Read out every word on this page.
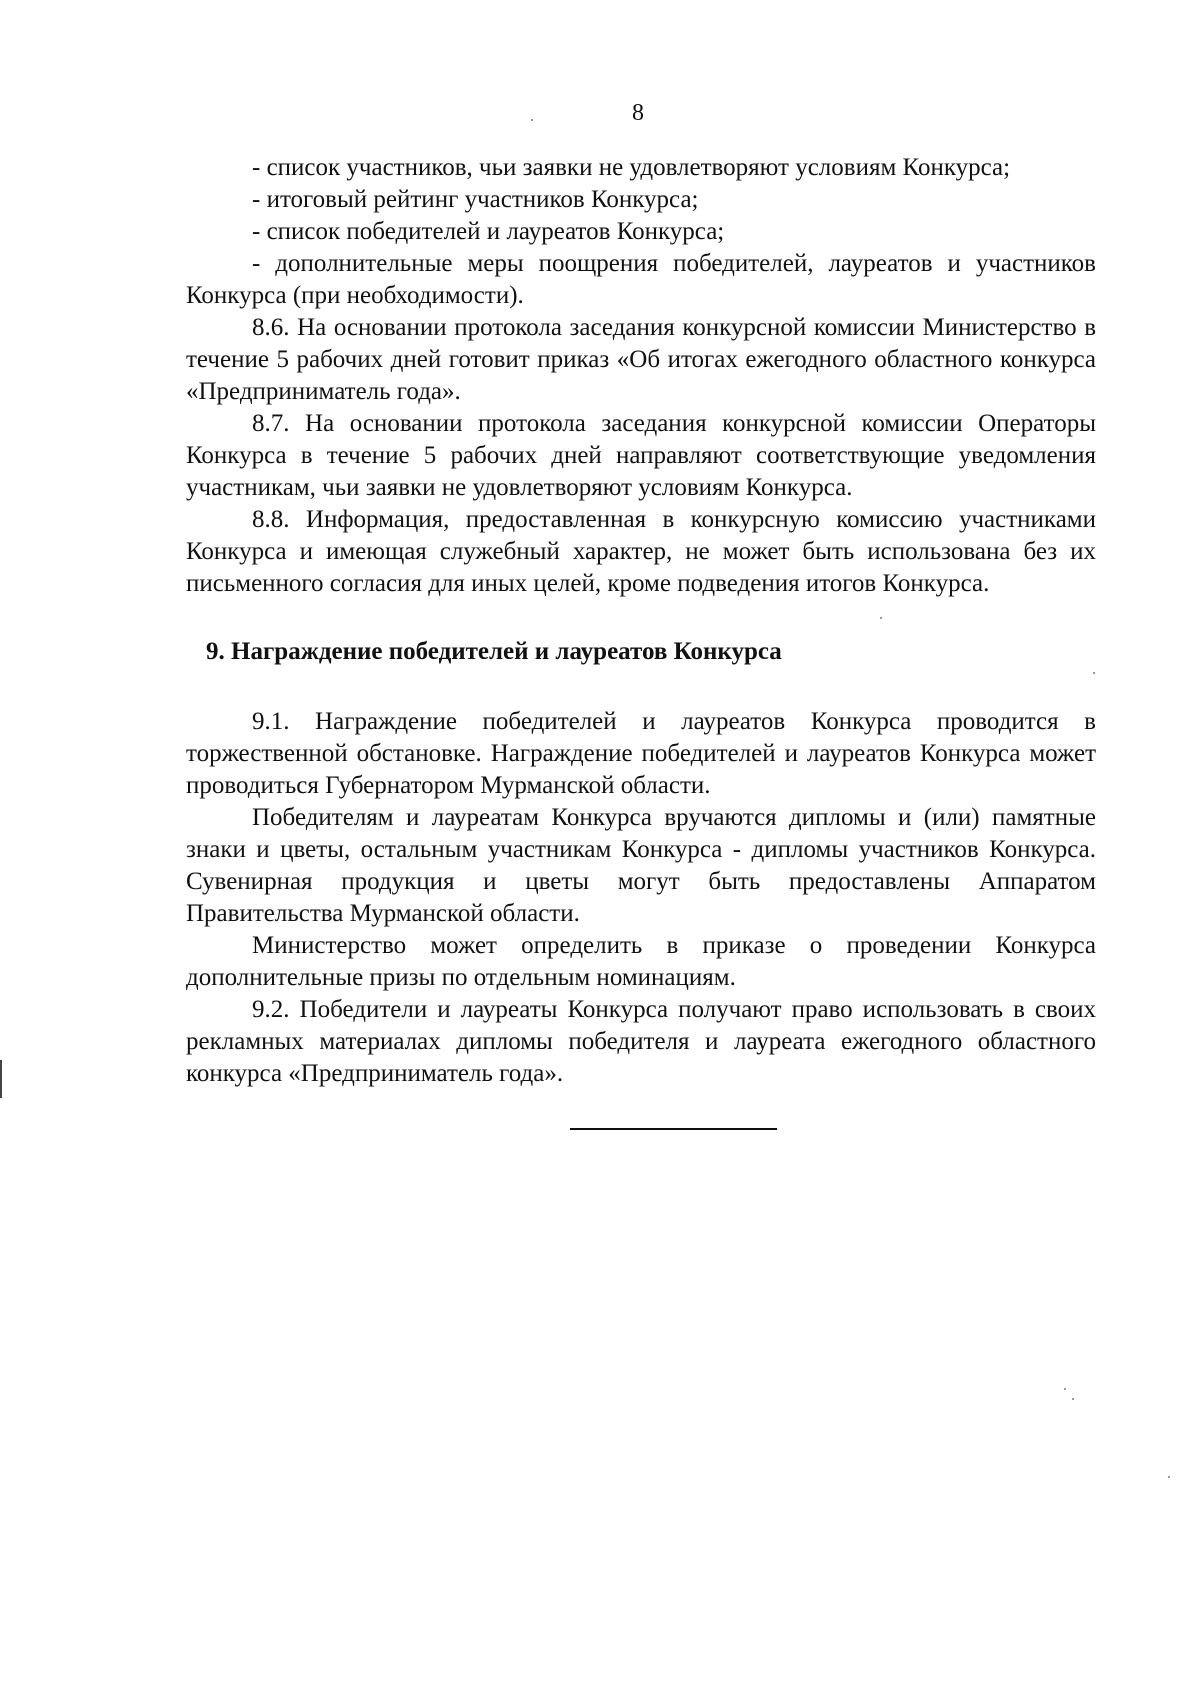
8

- список участников, чьи заявки не удовлетворяют условиям Конкурса;

- итоговый рейтинг участников Конкурса;

- список победителей и лауреатов Конкурса;

- дополнительные меры поощрения победителей, лауреатов и участников Конкурса (при необходимости).

8.6. На основании протокола заседания конкурсной комиссии Министерство в течение 5 рабочих дней готовит приказ «Об итогах ежегодного областного конкурса «Предприниматель года».

8.7. На основании протокола заседания конкурсной комиссии Операторы Конкурса в течение 5 рабочих дней направляют соответствующие уведомления участникам, чьи заявки не удовлетворяют условиям Конкурса.

8.8. Информация, предоставленная в конкурсную комиссию участниками Конкурса и имеющая служебный характер, не может быть использована без их письменного согласия для иных целей, кроме подведения итогов Конкурса.

9. Награждение победителей и лауреатов Конкурса

9.1. Награждение победителей и лауреатов Конкурса проводится в торжественной обстановке. Награждение победителей и лауреатов Конкурса может проводиться Губернатором Мурманской области.

Победителям и лауреатам Конкурса вручаются дипломы и (или) памятные знаки и цветы, остальным участникам Конкурса - дипломы участников Конкурса. Сувенирная продукция и цветы могут быть предоставлены Аппаратом Правительства Мурманской области.

Министерство может определить в приказе о проведении Конкурса дополнительные призы по отдельным номинациям.

9.2. Победители и лауреаты Конкурса получают право использовать в своих рекламных материалах дипломы победителя и лауреата ежегодного областного конкурса «Предприниматель года».
